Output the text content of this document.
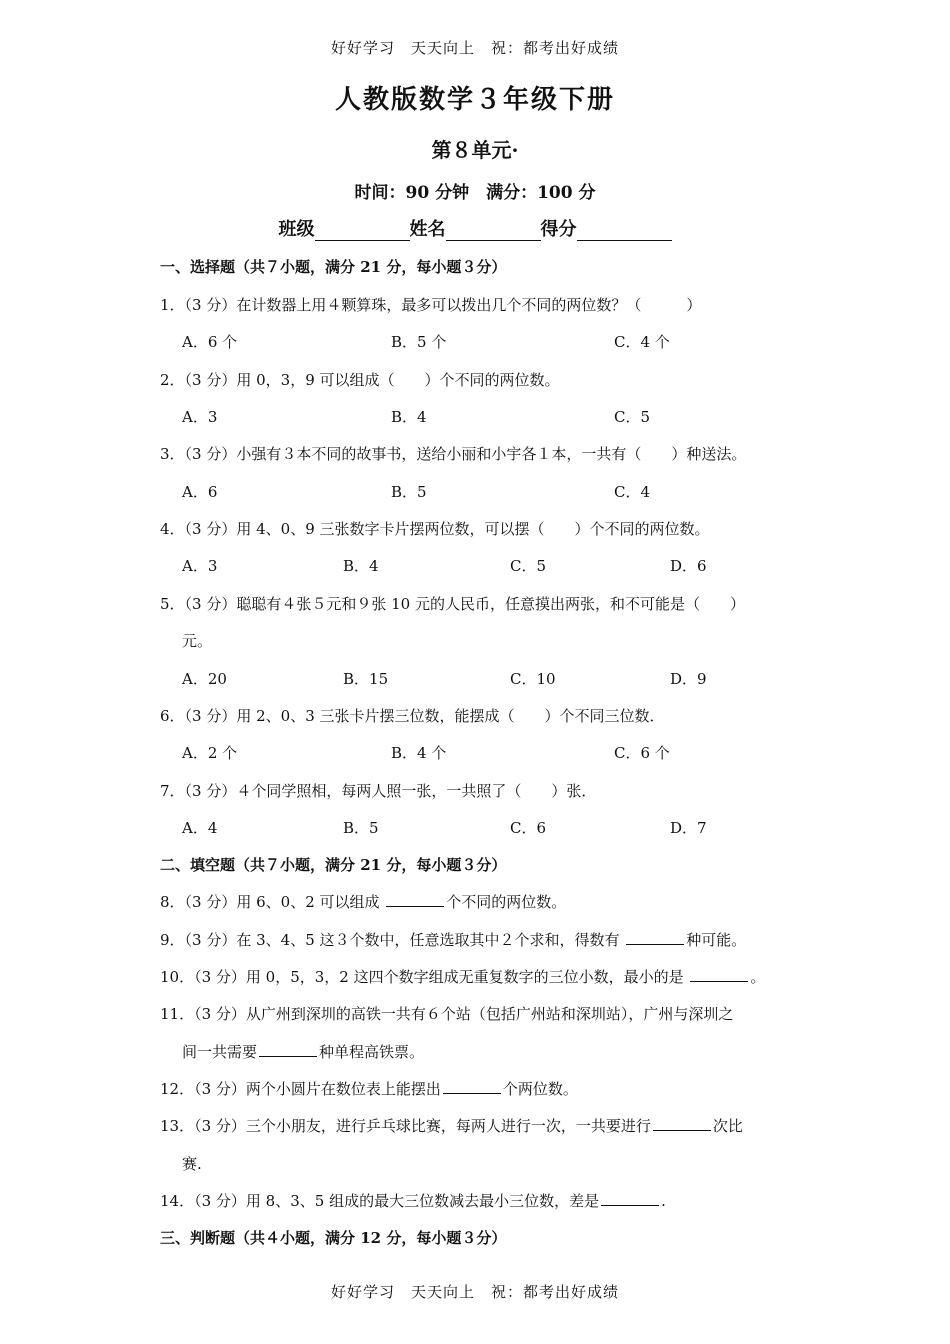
好好学习　天天向上　祝：都考出好成绩
人教版数学３年级下册
第８单元·
时间：90 分钟　满分：100 分
班级	姓名	得分
一、选择题（共７小题，满分 21 分，每小题３分）
1．（3 分）在计数器上用４颗算珠，最多可以拨出几个不同的两位数？（　　　）
A．6 个	B．5 个	C．4 个
2．（3 分）用 0，3，9 可以组成（　　）个不同的两位数。
A．3	B．4	C．5
3．（3 分）小强有３本不同的故事书，送给小丽和小宇各１本，一共有（　　）种送法。
A．6	B．5	C．4
4．（3 分）用 4、0、9 三张数字卡片摆两位数，可以摆（　　）个不同的两位数。
A．3	B．4	C．5	D．6
5．（3 分）聪聪有４张５元和９张 10 元的人民币，任意摸出两张，和不可能是（　　）
元。
A．20	B．15	C．10	D．9
6．（3 分）用 2、0、3 三张卡片摆三位数，能摆成（　　）个不同三位数．
A．2 个	B．4 个	C．6 个
7．（3 分）４个同学照相，每两人照一张，一共照了（　　）张．
A．4	B．5	C．6	D．7
二、填空题（共７小题，满分 21 分，每小题３分）
8．（3 分）用 6、0、2 可以组成	个不同的两位数。
9．（3 分）在 3、4、5 这３个数中，任意选取其中２个求和，得数有	种可能。
10．（3 分）用 0，5，3，2 这四个数字组成无重复数字的三位小数，最小的是	。
11．（3 分）从广州到深圳的高铁一共有６个站（包括广州站和深圳站），广州与深圳之
间一共需要	种单程高铁票。
12．（3 分）两个小圆片在数位表上能摆出	个两位数。
13．（3 分）三个小朋友，进行乒乓球比赛，每两人进行一次，一共要进行	次比
赛.
14．（3 分）用 8、3、5 组成的最大三位数减去最小三位数，差是	.
三、判断题（共４小题，满分 12 分，每小题３分）
好好学习　天天向上　祝：都考出好成绩
